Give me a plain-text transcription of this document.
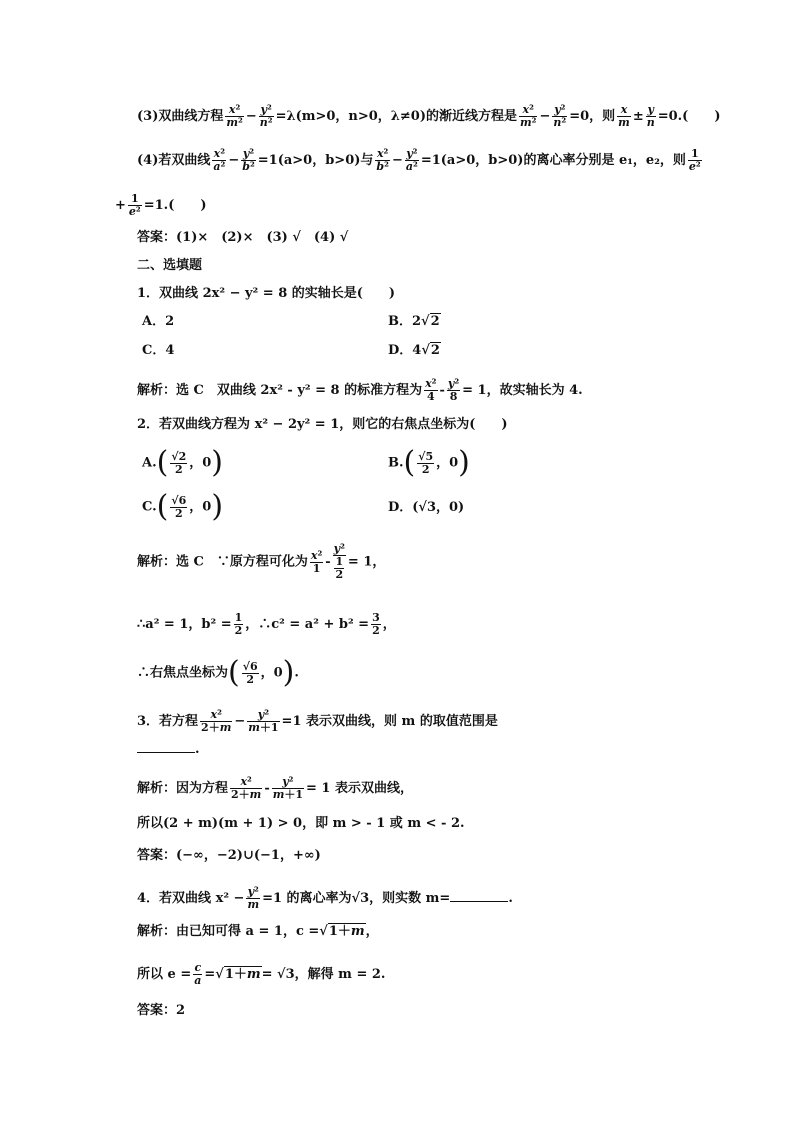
(3)双曲线方程 $\frac{\text{x²}}{\text{m²}} - \frac{\text{y²}}{\text{n²}} =\lambda(m>0$，n>0，λ≠0)的渐近线方程是 $\frac{\text{x²}}{\text{m²}} - \frac{\text{y²}}{\text{n²}} =0$，则 $\frac{x}{m} \pm \frac{y}{n} =0$.(　　)
(4)若双曲线 $\frac{\text{x²}}{\text{a²}} - \frac{\text{y²}}{\text{b²}} =1(a>0$，b>0)与 $\frac{\text{x²}}{\text{b²}} - \frac{\text{y²}}{\text{a²}} =1(a>0$，b>0)的离心率分别是 e₁，e₂，则 $\frac{1}{\text{e²}}$
+ $\frac{1}{\text{e²}} =1$.(　　)
答案：(1)×　(2)×　(3) √　(4) √
二、选填题
1．双曲线 2x² − y² = 8 的实轴长是(　　)
A．2	B．2√2
C．4	D．4√2
解析：选 C　双曲线 2x² - y² = 8 的标准方程为 $\frac{\text{x²}}{4} - \frac{\text{y²}}{8} = 1$，故实轴长为 4.
2．若双曲线方程为 x² − 2y² = 1，则它的右焦点坐标为(　　)
$A.( \frac{√2}{2}$ ，0)	$B.( \frac{√5}{2}$ ，0)
$C.( \frac{√6}{2}$ ，0)	D．(√3，0)
解析：选 C　∵原方程可化为 $\frac{\text{x²}}{1} - \frac{\text{y²}}{\frac{1}{2}} = 1$，
∴a² = 1，$b^2 = \frac{1}{2}$ ，∴c² = $a^2 + b^2 = \frac{3}{2}$ ，
∴右焦点坐标为( $\frac{√6}{2}$ ，0).
3．若方程 $\frac{\text{x²}}{2+m} - \frac{\text{y²}}{m+1} =1$ 表示双曲线，则 m 的取值范围是
.
解析：因为方程 $\frac{\text{x²}}{2+m} - \frac{\text{y²}}{m+1} = 1$ 表示双曲线，
所以(2 + m)(m + 1) > 0，即 m > - 1 或 m < - 2.
答案：(−∞，−2)∪(−1，+∞)
4．若双曲线 $x^2 - \frac{\text{y²}}{m} =1$ 的离心率为√3，则实数 m=	.
解析：由已知可得 a = 1，c =√1＋m，
所以 $e = \frac{c}{a} =√1+m= √3$，解得 m = 2.
答案：2
